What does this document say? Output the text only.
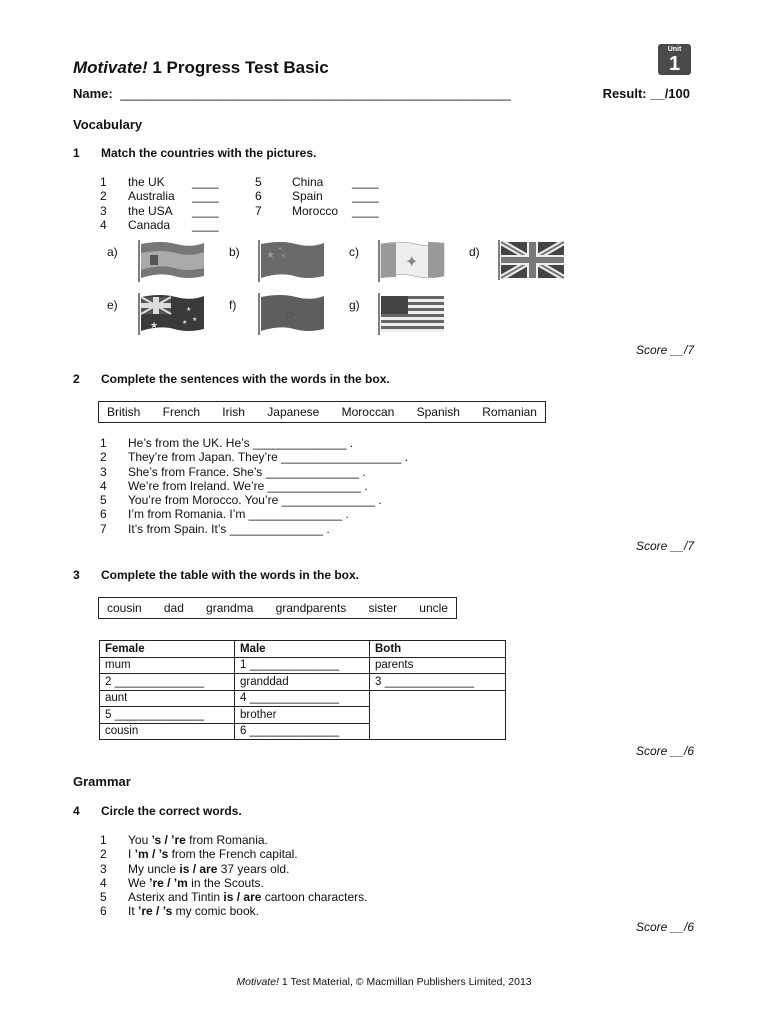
Motivate! 1 Progress Test Basic
Unit
1
Name: ______________________________________________________	Result: __/100
Vocabulary
1 Match the countries with the pictures.
1	the UK	____
2	Australia	____
3	the USA	____
4	Canada	____
5	China	____
6	Spain	____
7	Morocco	____
a)	b)	c)	d)
e)	f)	g)
★
★
★	✦
★
★
★
★
☆
Score __/7
2 Complete the sentences with the words in the box.
British French Irish Japanese Moroccan Spanish Romanian
1	He’s from the UK. He’s ______________ .
2	They’re from Japan. They’re __________________ .
3	She’s from France. She’s ______________ .
4	We’re from Ireland. We’re ______________ .
5	You’re from Morocco. You’re ______________ .
6	I’m from Romania. I’m ______________ .
7	It’s from Spain. It’s ______________ .
Score __/7
3 Complete the table with the words in the box.
cousin dad grandma grandparents sister uncle
Female	Male	Both
mum	1 ______________	parents
2 ______________	granddad	3 ______________
aunt	4 ______________	
5 ______________	brother	
cousin	6 ______________	
Score __/6
Grammar
4 Circle the correct words.
1	You ’s / ’re from Romania.
2	I ’m / ’s from the French capital.
3	My uncle is / are 37 years old.
4	We ’re / ’m in the Scouts.
5	Asterix and Tintin is / are cartoon characters.
6	It ’re / ’s my comic book.
Score __/6
Motivate! 1 Test Material, © Macmillan Publishers Limited, 2013
